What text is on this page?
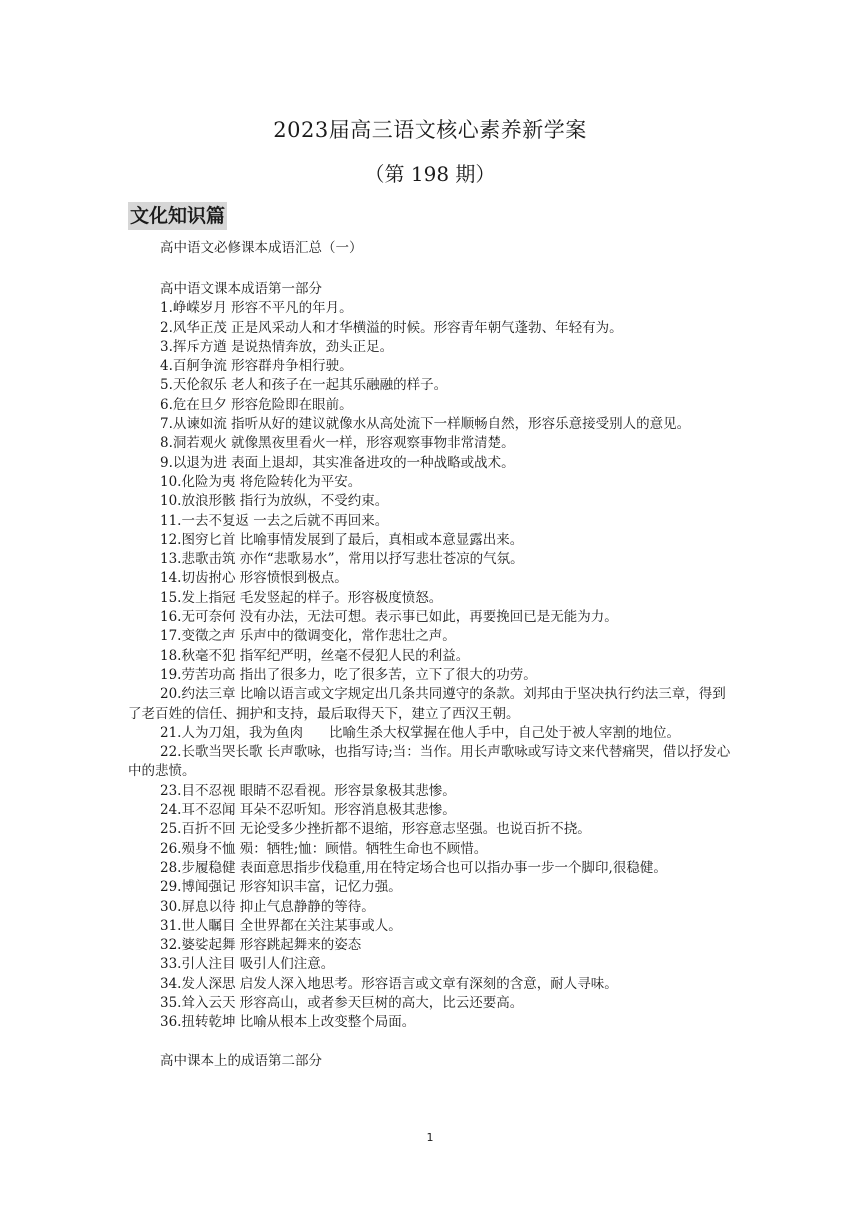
2023届高三语文核心素养新学案
（第 198 期）
文化知识篇
高中语文必修课本成语汇总（一）

高中语文课本成语第一部分

1.峥嵘岁月 形容不平凡的年月。

2.风华正茂 正是风采动人和才华横溢的时候。形容青年朝气蓬勃、年轻有为。

3.挥斥方遒 是说热情奔放，劲头正足。

4.百舸争流 形容群舟争相行驶。

5.天伦叙乐 老人和孩子在一起其乐融融的样子。

6.危在旦夕 形容危险即在眼前。

7.从谏如流 指听从好的建议就像水从高处流下一样顺畅自然，形容乐意接受别人的意见。

8.洞若观火 就像黑夜里看火一样，形容观察事物非常清楚。

9.以退为进 表面上退却，其实准备进攻的一种战略或战术。

10.化险为夷 将危险转化为平安。

10.放浪形骸 指行为放纵，不受约束。

11.一去不复返 一去之后就不再回来。

12.图穷匕首 比喻事情发展到了最后，真相或本意显露出来。

13.悲歌击筑 亦作“悲歌易水”，常用以抒写悲壮苍凉的气氛。

14.切齿拊心 形容愤恨到极点。

15.发上指冠 毛发竖起的样子。形容极度愤怒。

16.无可奈何 没有办法，无法可想。表示事已如此，再要挽回已是无能为力。

17.变徵之声 乐声中的徵调变化，常作悲壮之声。

18.秋毫不犯 指军纪严明，丝毫不侵犯人民的利益。

19.劳苦功高 指出了很多力，吃了很多苦，立下了很大的功劳。

20.约法三章 比喻以语言或文字规定出几条共同遵守的条款。刘邦由于坚决执行约法三章，得到了老百姓的信任、拥护和支持，最后取得天下，建立了西汉王朝。

21.人为刀俎，我为鱼肉 比喻生杀大权掌握在他人手中，自己处于被人宰割的地位。

22.长歌当哭长歌 长声歌咏，也指写诗;当：当作。用长声歌咏或写诗文来代替痛哭，借以抒发心中的悲愤。

23.目不忍视 眼睛不忍看视。形容景象极其悲惨。

24.耳不忍闻 耳朵不忍听知。形容消息极其悲惨。

25.百折不回 无论受多少挫折都不退缩，形容意志坚强。也说百折不挠。

26.殒身不恤 殒：牺牲;恤：顾惜。牺牲生命也不顾惜。

28.步履稳健 表面意思指步伐稳重,用在特定场合也可以指办事一步一个脚印,很稳健。

29.博闻强记 形容知识丰富，记忆力强。

30.屏息以待 抑止气息静静的等待。

31.世人瞩目 全世界都在关注某事或人。

32.婆娑起舞 形容跳起舞来的姿态

33.引人注目 吸引人们注意。

34.发人深思 启发人深入地思考。形容语言或文章有深刻的含意，耐人寻味。

35.耸入云天 形容高山，或者参天巨树的高大，比云还要高。

36.扭转乾坤 比喻从根本上改变整个局面。

高中课本上的成语第二部分

1
